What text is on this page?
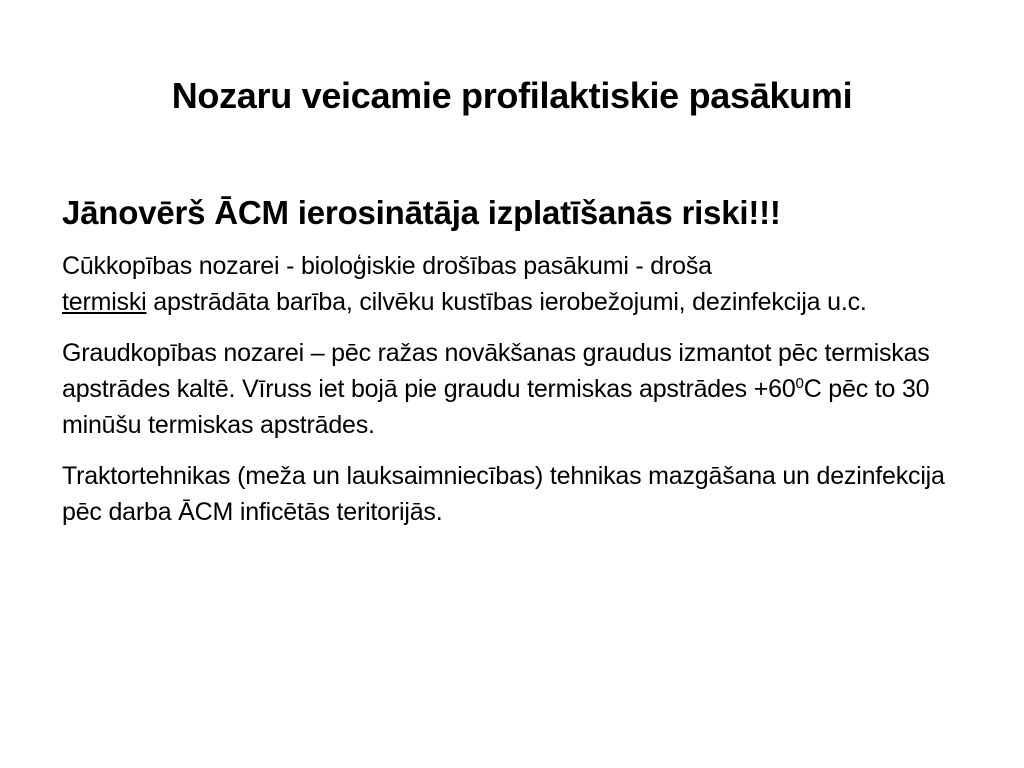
Nozaru veicamie profilaktiskie pasākumi
Jānovērš ĀCM ierosinātāja izplatīšanās riski!!!

Cūkkopības nozarei - bioloģiskie drošības pasākumi - droša
termiski apstrādāta barība, cilvēku kustības ierobežojumi, dezinfekcija u.c.

Graudkopības nozarei – pēc ražas novākšanas graudus izmantot pēc termiskas apstrādes kaltē. Vīruss iet bojā pie graudu termiskas apstrādes $+60^0C$ pēc to 30 minūšu termiskas apstrādes.

Traktortehnikas (meža un lauksaimniecības) tehnikas mazgāšana un dezinfekcija pēc darba ĀCM inficētās teritorijās.
